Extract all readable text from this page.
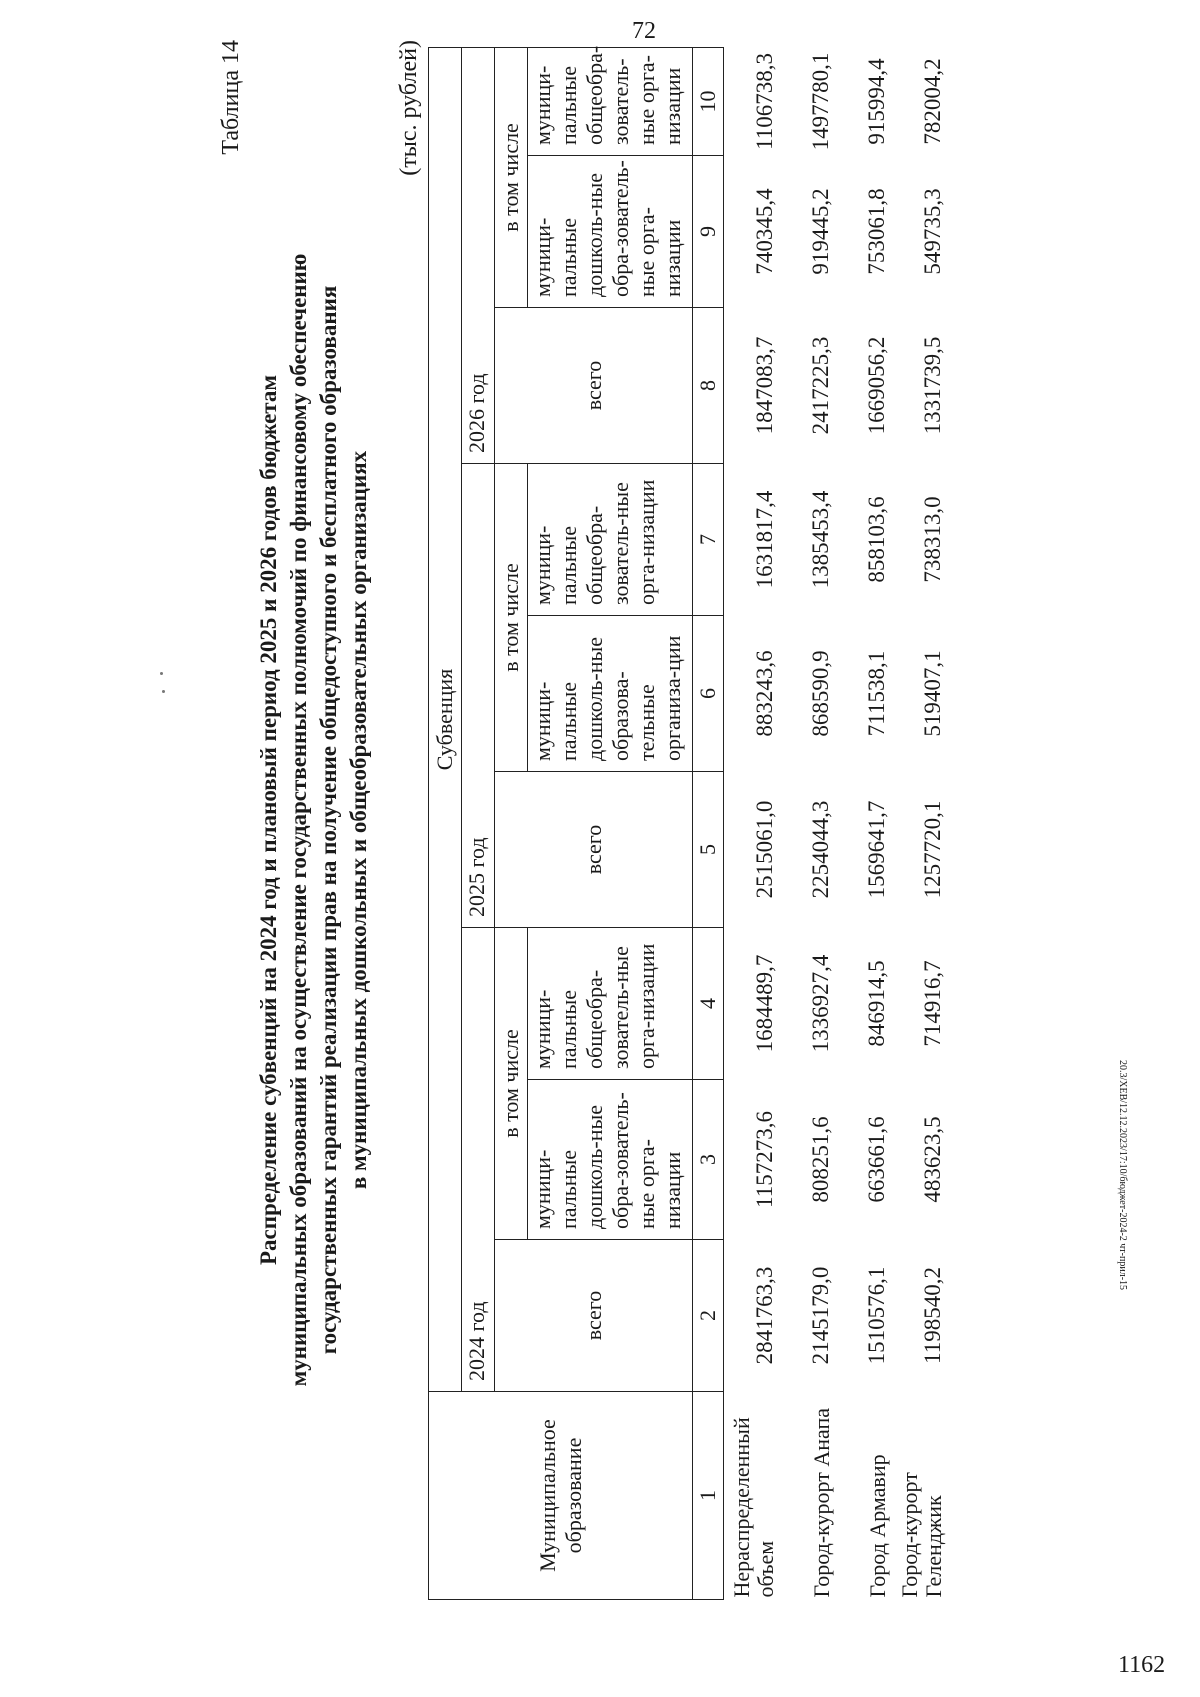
72
1162
20.3/ХЕВ/12.12.2023/17:10/бюджет-2024-2 чт-прил-15
Таблица 14
Распределение субвенций на 2024 год и плановый период 2025 и 2026 годов бюджетам муниципальных образований на осуществление государственных полномочий по финансовому обеспечению государственных гарантий реализации прав на получение общедоступного и бесплатного образования в муниципальных дошкольных и общеобразовательных организациях
(тыс. рублей)
Муниципальное образование	Субвенция								
	2024 год			2025 год			2026 год		
	всего	в том числе		всего	в том числе		всего	в том числе	
		муници-пальные дошколь-ные обра-зователь-ные орга-низации	муници-пальные общеобра-зователь-ные орга-низации		муници-пальные дошколь-ные образова-тельные организа-ции	муници-пальные общеобра-зователь-ные орга-низации		муници-пальные дошколь-ные обра-зователь-ные орга-низации	муници-пальные общеобра-зователь-ные орга-низации
1	2	3	4	5	6	7	8	9	10
Нераспределенный объем	2841763,3	1157273,6	1684489,7	2515061,0	883243,6	1631817,4	1847083,7	740345,4	1106738,3
Город-курорт Анапа	2145179,0	808251,6	1336927,4	2254044,3	868590,9	1385453,4	2417225,3	919445,2	1497780,1
Город Армавир	1510576,1	663661,6	846914,5	1569641,7	711538,1	858103,6	1669056,2	753061,8	915994,4
Город-курорт Геленджик	1198540,2	483623,5	714916,7	1257720,1	519407,1	738313,0	1331739,5	549735,3	782004,2
